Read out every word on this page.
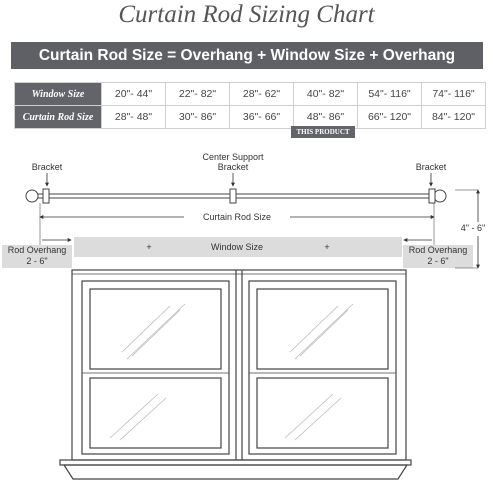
Curtain Rod Sizing Chart
Curtain Rod Size = Overhang + Window Size + Overhang
Window Size	20"- 44"	22"- 82"	28"- 62"	40"- 82"	54"- 116"	74"- 116"
Curtain Rod Size	28"- 48"	30"- 86"	36"- 66"	48"- 86"	66"- 120"	84"- 120"
THIS PRODUCT
Bracket	Bracket
Center Support
Bracket
Curtain Rod Size
4" - 6"
+	Window Size	+
Rod Overhang
2 - 6"
Rod Overhang
2 - 6"
